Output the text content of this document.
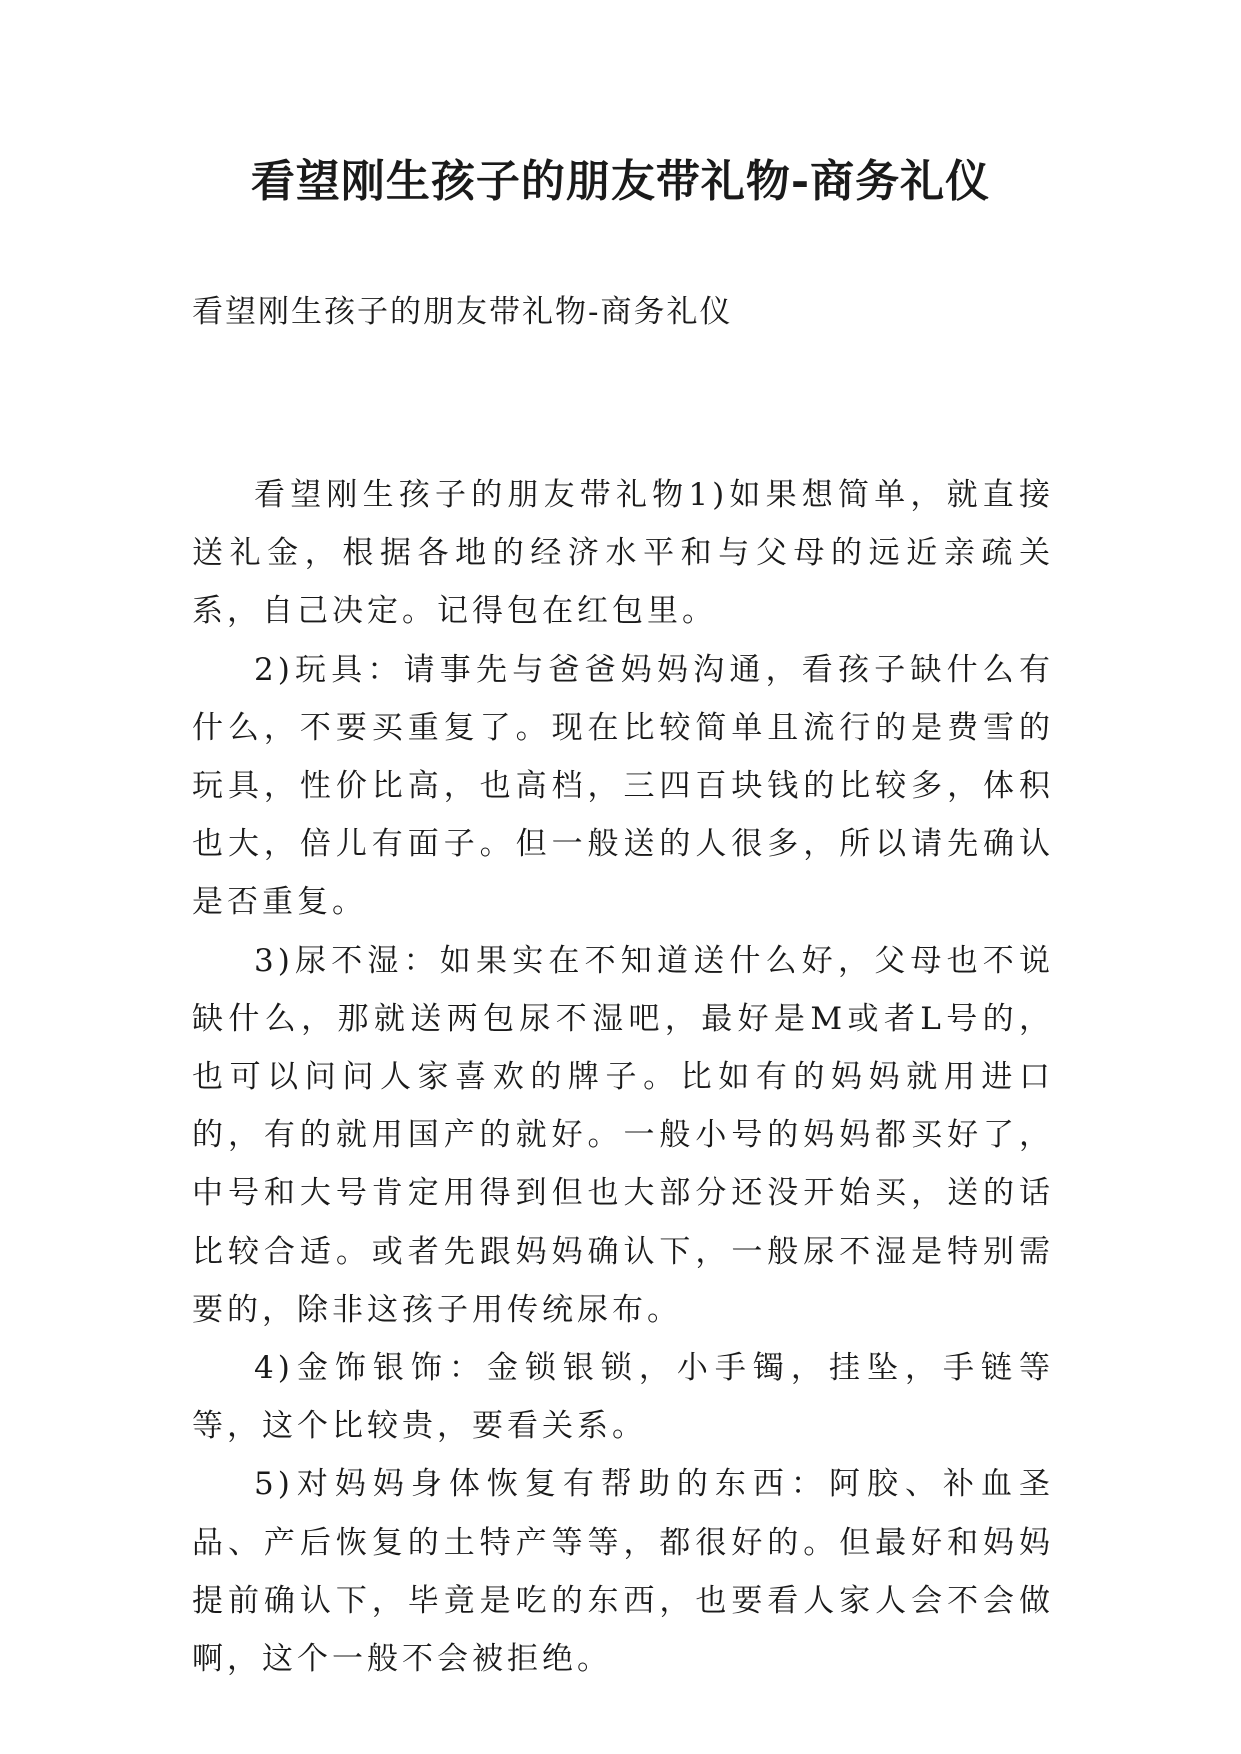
看望刚生孩子的朋友带礼物-商务礼仪

看望刚生孩子的朋友带礼物-商务礼仪

看望刚生孩子的朋友带礼物1)如果想简单，就直接送礼金，根据各地的经济水平和与父母的远近亲疏关系，自己决定。记得包在红包里。

2)玩具：请事先与爸爸妈妈沟通，看孩子缺什么有什么，不要买重复了。现在比较简单且流行的是费雪的玩具，性价比高，也高档，三四百块钱的比较多，体积也大，倍儿有面子。但一般送的人很多，所以请先确认是否重复。

3)尿不湿：如果实在不知道送什么好，父母也不说缺什么，那就送两包尿不湿吧，最好是M或者L号的，也可以问问人家喜欢的牌子。比如有的妈妈就用进口的，有的就用国产的就好。一般小号的妈妈都买好了，中号和大号肯定用得到但也大部分还没开始买，送的话比较合适。或者先跟妈妈确认下，一般尿不湿是特别需要的，除非这孩子用传统尿布。

4)金饰银饰：金锁银锁，小手镯，挂坠，手链等等，这个比较贵，要看关系。

5)对妈妈身体恢复有帮助的东西：阿胶、补血圣品、产后恢复的土特产等等，都很好的。但最好和妈妈提前确认下，毕竟是吃的东西，也要看人家人会不会做啊，这个一般不会被拒绝。
